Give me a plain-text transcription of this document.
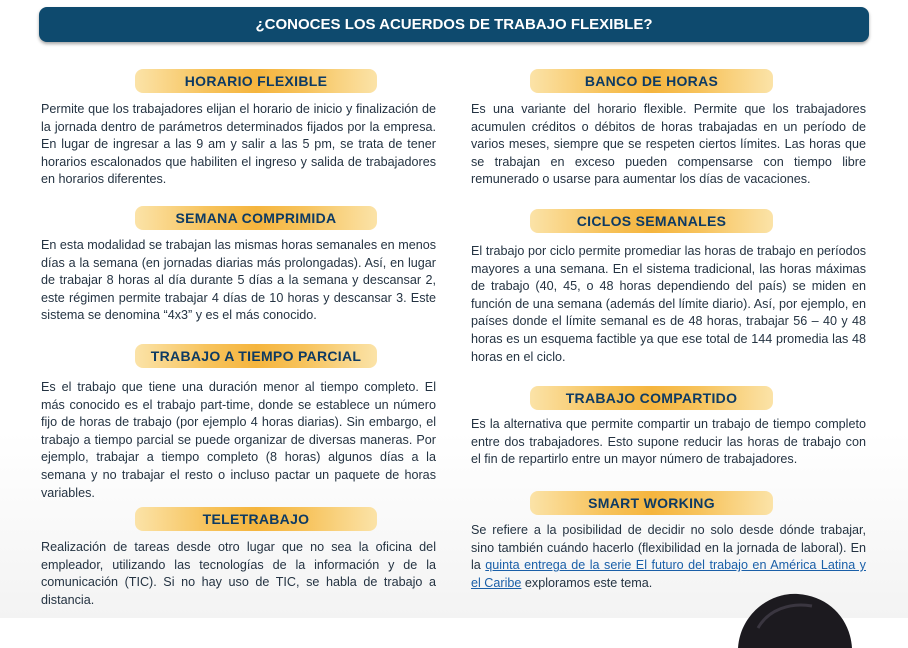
¿CONOCES LOS ACUERDOS DE TRABAJO FLEXIBLE?
HORARIO FLEXIBLE

Permite que los trabajadores elijan el horario de inicio y finalización de la jornada dentro de parámetros determinados fijados por la empresa. En lugar de ingresar a las 9 am y salir a las 5 pm, se trata de tener horarios escalonados que habiliten el ingreso y salida de trabajadores en horarios diferentes.

SEMANA COMPRIMIDA

En esta modalidad se trabajan las mismas horas semanales en menos días a la semana (en jornadas diarias más prolongadas). Así, en lugar de trabajar 8 horas al día durante 5 días a la semana y descansar 2, este régimen permite trabajar 4 días de 10 horas y descansar 3. Este sistema se denomina “4x3” y es el más conocido.

TRABAJO A TIEMPO PARCIAL

Es el trabajo que tiene una duración menor al tiempo completo. El más conocido es el trabajo part-time, donde se establece un número fijo de horas de trabajo (por ejemplo 4 horas diarias). Sin embargo, el trabajo a tiempo parcial se puede organizar de diversas maneras. Por ejemplo, trabajar a tiempo completo (8 horas) algunos días a la semana y no trabajar el resto o incluso pactar un paquete de horas variables.

TELETRABAJO

Realización de tareas desde otro lugar que no sea la oficina del empleador, utilizando las tecnologías de la información y de la comunicación (TIC). Si no hay uso de TIC, se habla de trabajo a distancia.

BANCO DE HORAS

Es una variante del horario flexible. Permite que los trabajadores acumulen créditos o débitos de horas trabajadas en un período de varios meses, siempre que se respeten ciertos límites. Las horas que se trabajan en exceso pueden compensarse con tiempo libre remunerado o usarse para aumentar los días de vacaciones.

CICLOS SEMANALES

El trabajo por ciclo permite promediar las horas de trabajo en períodos mayores a una semana. En el sistema tradicional, las horas máximas de trabajo (40, 45, o 48 horas dependiendo del país) se miden en función de una semana (además del límite diario). Así, por ejemplo, en países donde el límite semanal es de 48 horas, trabajar 56 – 40 y 48 horas es un esquema factible ya que ese total de 144 promedia las 48 horas en el ciclo.

TRABAJO COMPARTIDO

Es la alternativa que permite compartir un trabajo de tiempo completo entre dos trabajadores. Esto supone reducir las horas de trabajo con el fin de repartirlo entre un mayor número de trabajadores.

SMART WORKING

Se refiere a la posibilidad de decidir no solo desde dónde trabajar, sino también cuándo hacerlo (flexibilidad en la jornada de laboral). En la quinta entrega de la serie El futuro del trabajo en América Latina y el Caribe exploramos este tema.
